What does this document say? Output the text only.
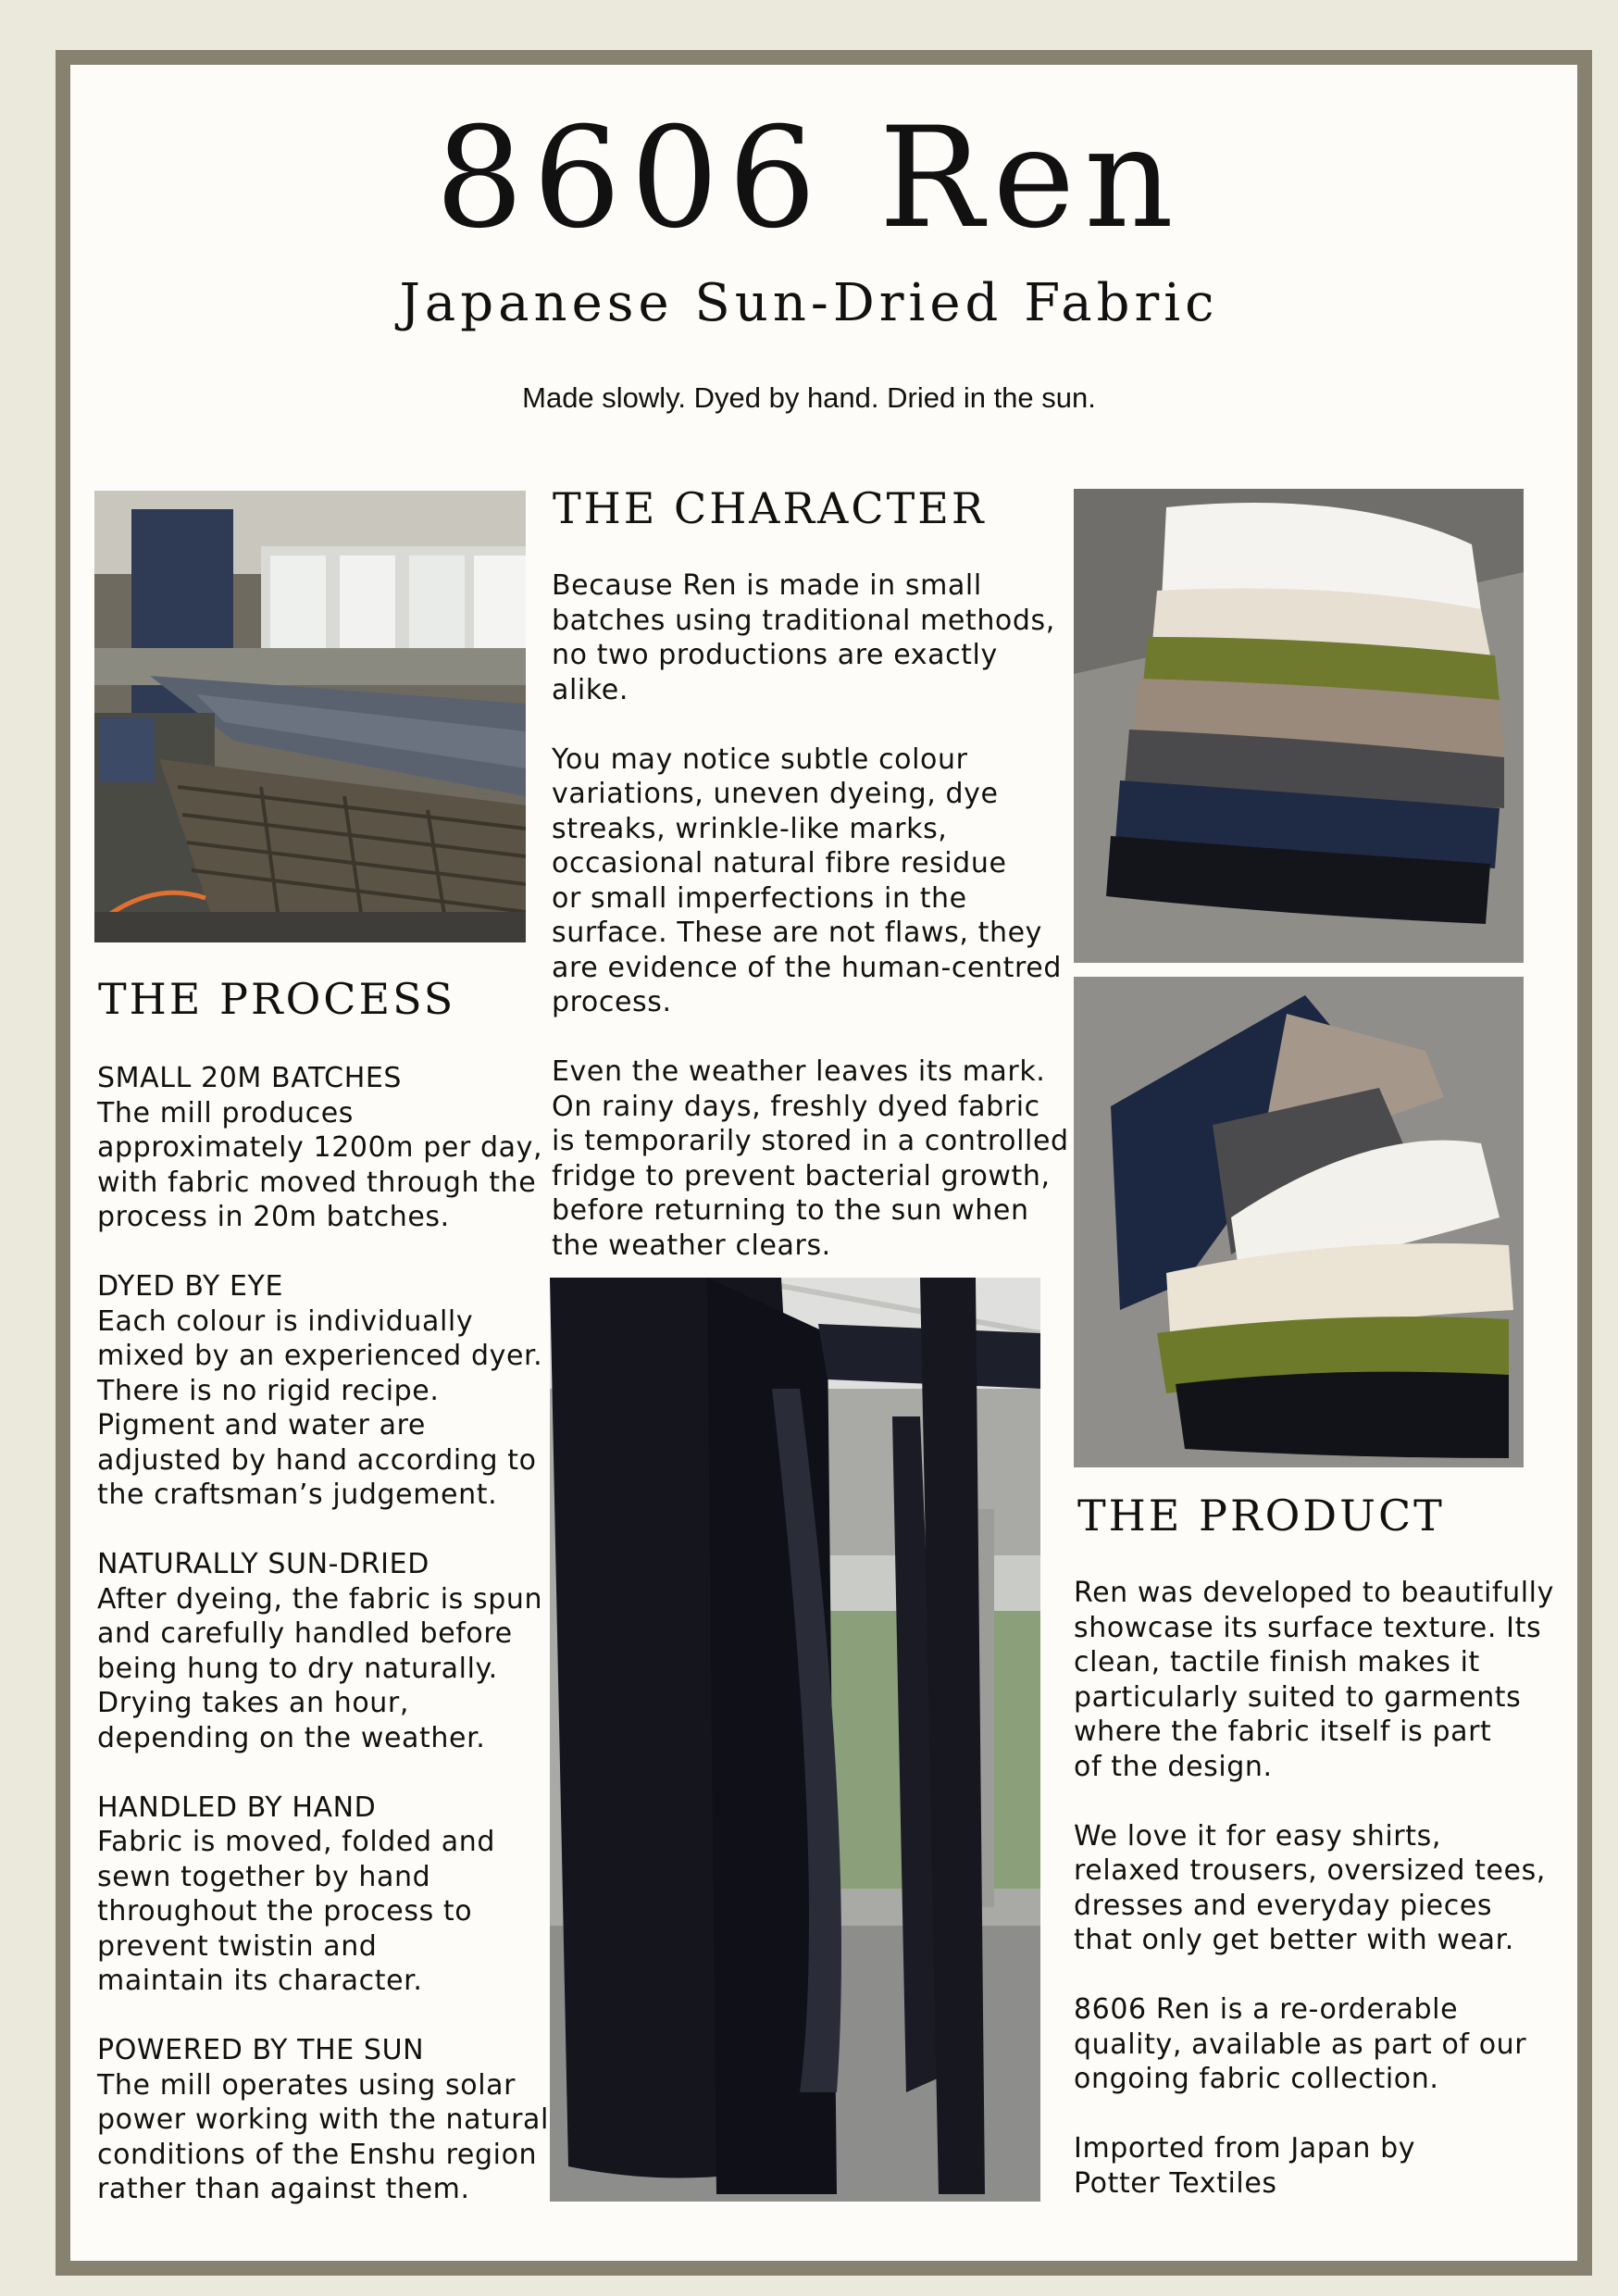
8606 Ren
Japanese Sun-Dried Fabric
Made slowly. Dyed by hand. Dried in the sun.
THE PROCESS
SMALL 20M BATCHES
The mill produces
approximately 1200m per day,
with fabric moved through the
process in 20m batches.
DYED BY EYE
Each colour is individually
mixed by an experienced dyer.
There is no rigid recipe.
Pigment and water are
adjusted by hand according to
the craftsman’s judgement.
NATURALLY SUN-DRIED
After dyeing, the fabric is spun
and carefully handled before
being hung to dry naturally.
Drying takes an hour,
depending on the weather.
HANDLED BY HAND
Fabric is moved, folded and
sewn together by hand
throughout the process to
prevent twistin and
maintain its character.
POWERED BY THE SUN
The mill operates using solar
power working with the natural
conditions of the Enshu region
rather than against them.
THE CHARACTER
Because Ren is made in small
batches using traditional methods,
no two productions are exactly
alike.
You may notice subtle colour
variations, uneven dyeing, dye
streaks, wrinkle-like marks,
occasional natural fibre residue
or small imperfections in the
surface. These are not flaws, they
are evidence of the human-centred
process.
Even the weather leaves its mark.
On rainy days, freshly dyed fabric
is temporarily stored in a controlled
fridge to prevent bacterial growth,
before returning to the sun when
the weather clears.
THE PRODUCT
Ren was developed to beautifully
showcase its surface texture. Its
clean, tactile finish makes it
particularly suited to garments
where the fabric itself is part
of the design.
We love it for easy shirts,
relaxed trousers, oversized tees,
dresses and everyday pieces
that only get better with wear.
8606 Ren is a re-orderable
quality, available as part of our
ongoing fabric collection.
Imported from Japan by
Potter Textiles
